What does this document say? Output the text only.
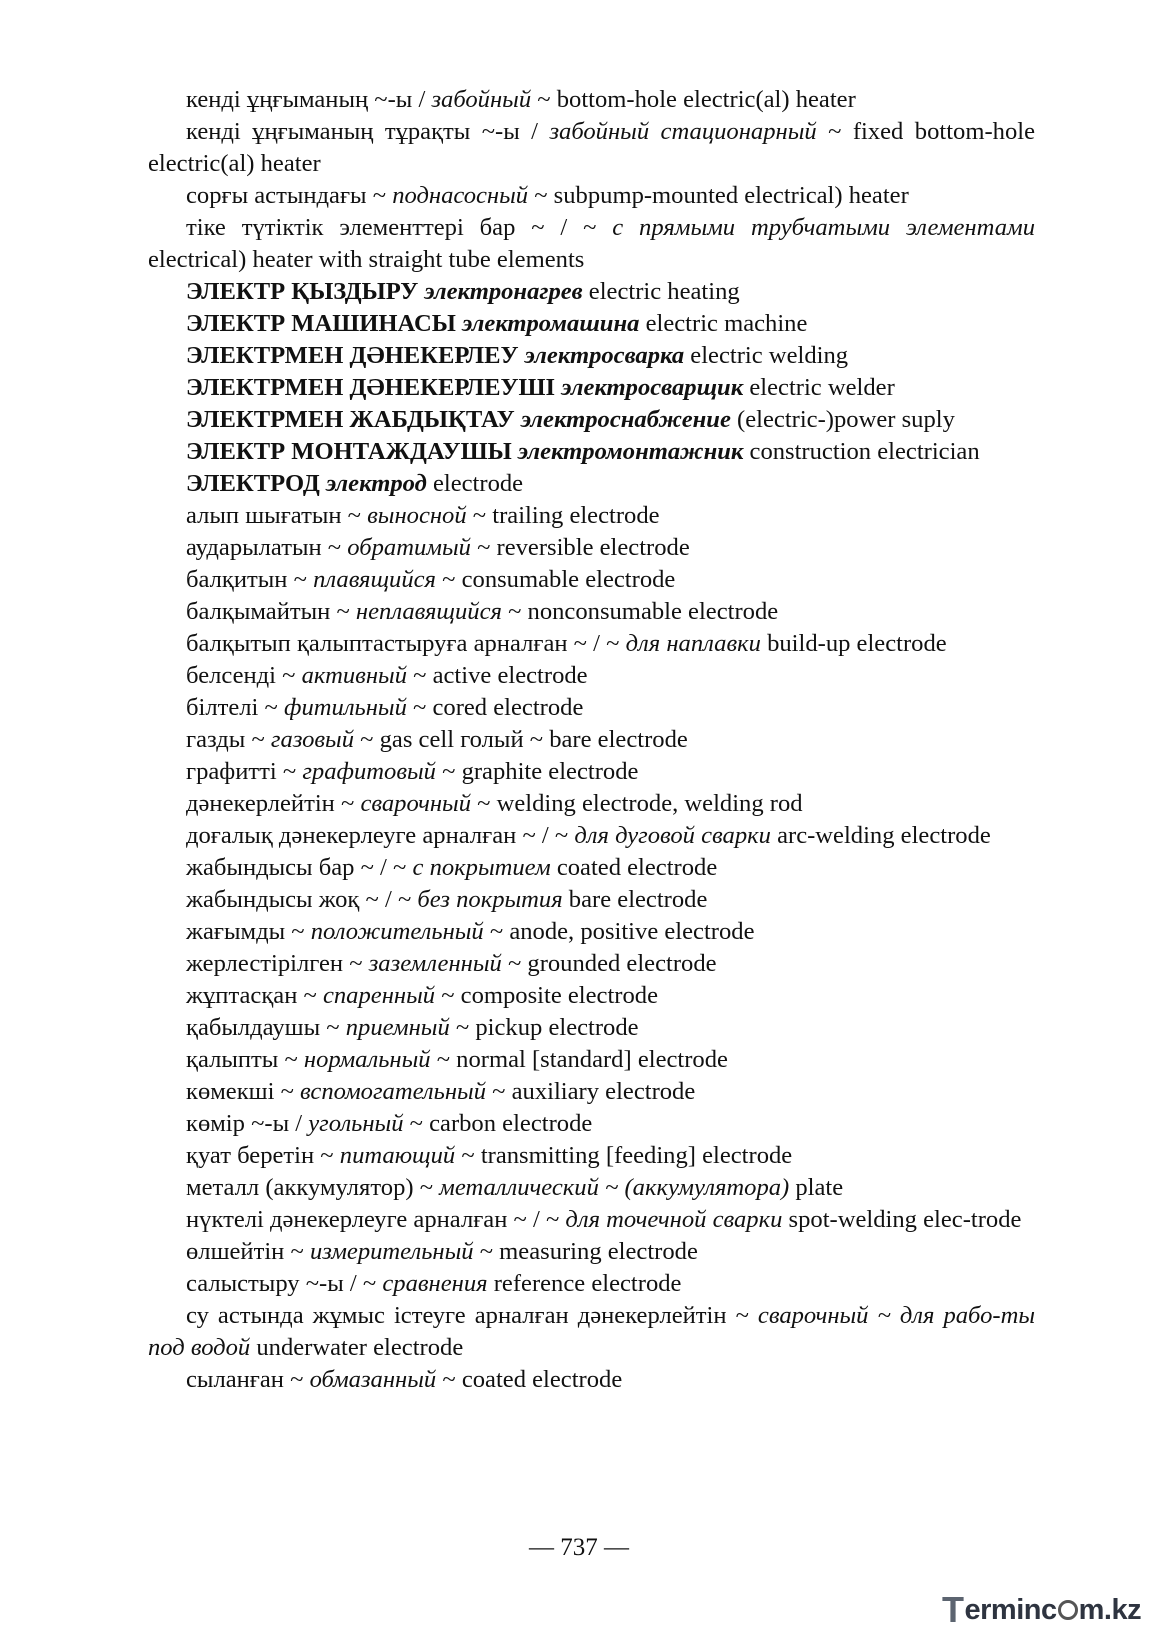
кенді ұңғыманың ~-ы / забойный ~ bottom-hole electric(al) heater

кенді ұңғыманың тұрақты ~-ы / забойный стационарный ~ fixed bottom-hole electric(al) heater

сорғы астындағы ~ поднасосный ~ subpump-mounted electrical) heater

тіке түтіктік элементтері бар ~ / ~ с прямыми трубчатыми элементами electrical) heater with straight tube elements

ЭЛЕКТР ҚЫЗДЫРУ электронагрев electric heating

ЭЛЕКТР МАШИНАСЫ электромашина electric machine

ЭЛЕКТРМЕН ДӘНЕКЕРЛЕУ электросварка electric welding

ЭЛЕКТРМЕН ДӘНЕКЕРЛЕУШІ электросварщик electric welder

ЭЛЕКТРМЕН ЖАБДЫҚТАУ электроснабжение (electric-)power suply

ЭЛЕКТР МОНТАЖДАУШЫ электромонтажник construction electrician

ЭЛЕКТРОД электрод electrode

алып шығатын ~ выносной ~ trailing electrode

аударылатын ~ обратимый ~ reversible electrode

балқитын ~ плавящийся ~ consumable electrode

балқымайтын ~ неплавящийся ~ nonconsumable electrode

балқытып қалыптастыруға арналған ~ / ~ для наплавки build-up electrode

белсенді ~ активный ~ active electrode

білтелі ~ фитильный ~ cored electrode

газды ~ газовый ~ gas cell голый ~ bare electrode

графитті ~ графитовый ~ graphite electrode

дәнекерлейтін ~ сварочный ~ welding electrode, welding rod

доғалық дәнекерлеуге арналған ~ / ~ для дуговой сварки arc-welding electrode

жабындысы бар ~ / ~ с покрытием coated electrode

жабындысы жоқ ~ / ~ без покрытия bare electrode

жағымды ~ положительный ~ anode, positive electrode

жерлестірілген ~ заземленный ~ grounded electrode

жұптасқан ~ спаренный ~ composite electrode

қабылдаушы ~ приемный ~ pickup electrode

қалыпты ~ нормальный ~ normal [standard] electrode

көмекші ~ вспомогательный ~ auxiliary electrode

көмір ~-ы / угольный ~ carbon electrode

қуат беретін ~ питающий ~ transmitting [feeding] electrode

металл (аккумулятор) ~ металлический ~ (аккумулятора) plate

нүктелі дәнекерлеуге арналған ~ / ~ для точечной сварки spot-welding elec-trode

өлшейтін ~ измерительный ~ measuring electrode

салыстыру ~-ы / ~ сравнения reference electrode

су астында жұмыс істеуге арналған дәнекерлейтін ~ сварочный ~ для рабо-ты под водой underwater electrode

сыланған ~ обмазанный ~ coated electrode

— 737 —
T erminc m.kz
